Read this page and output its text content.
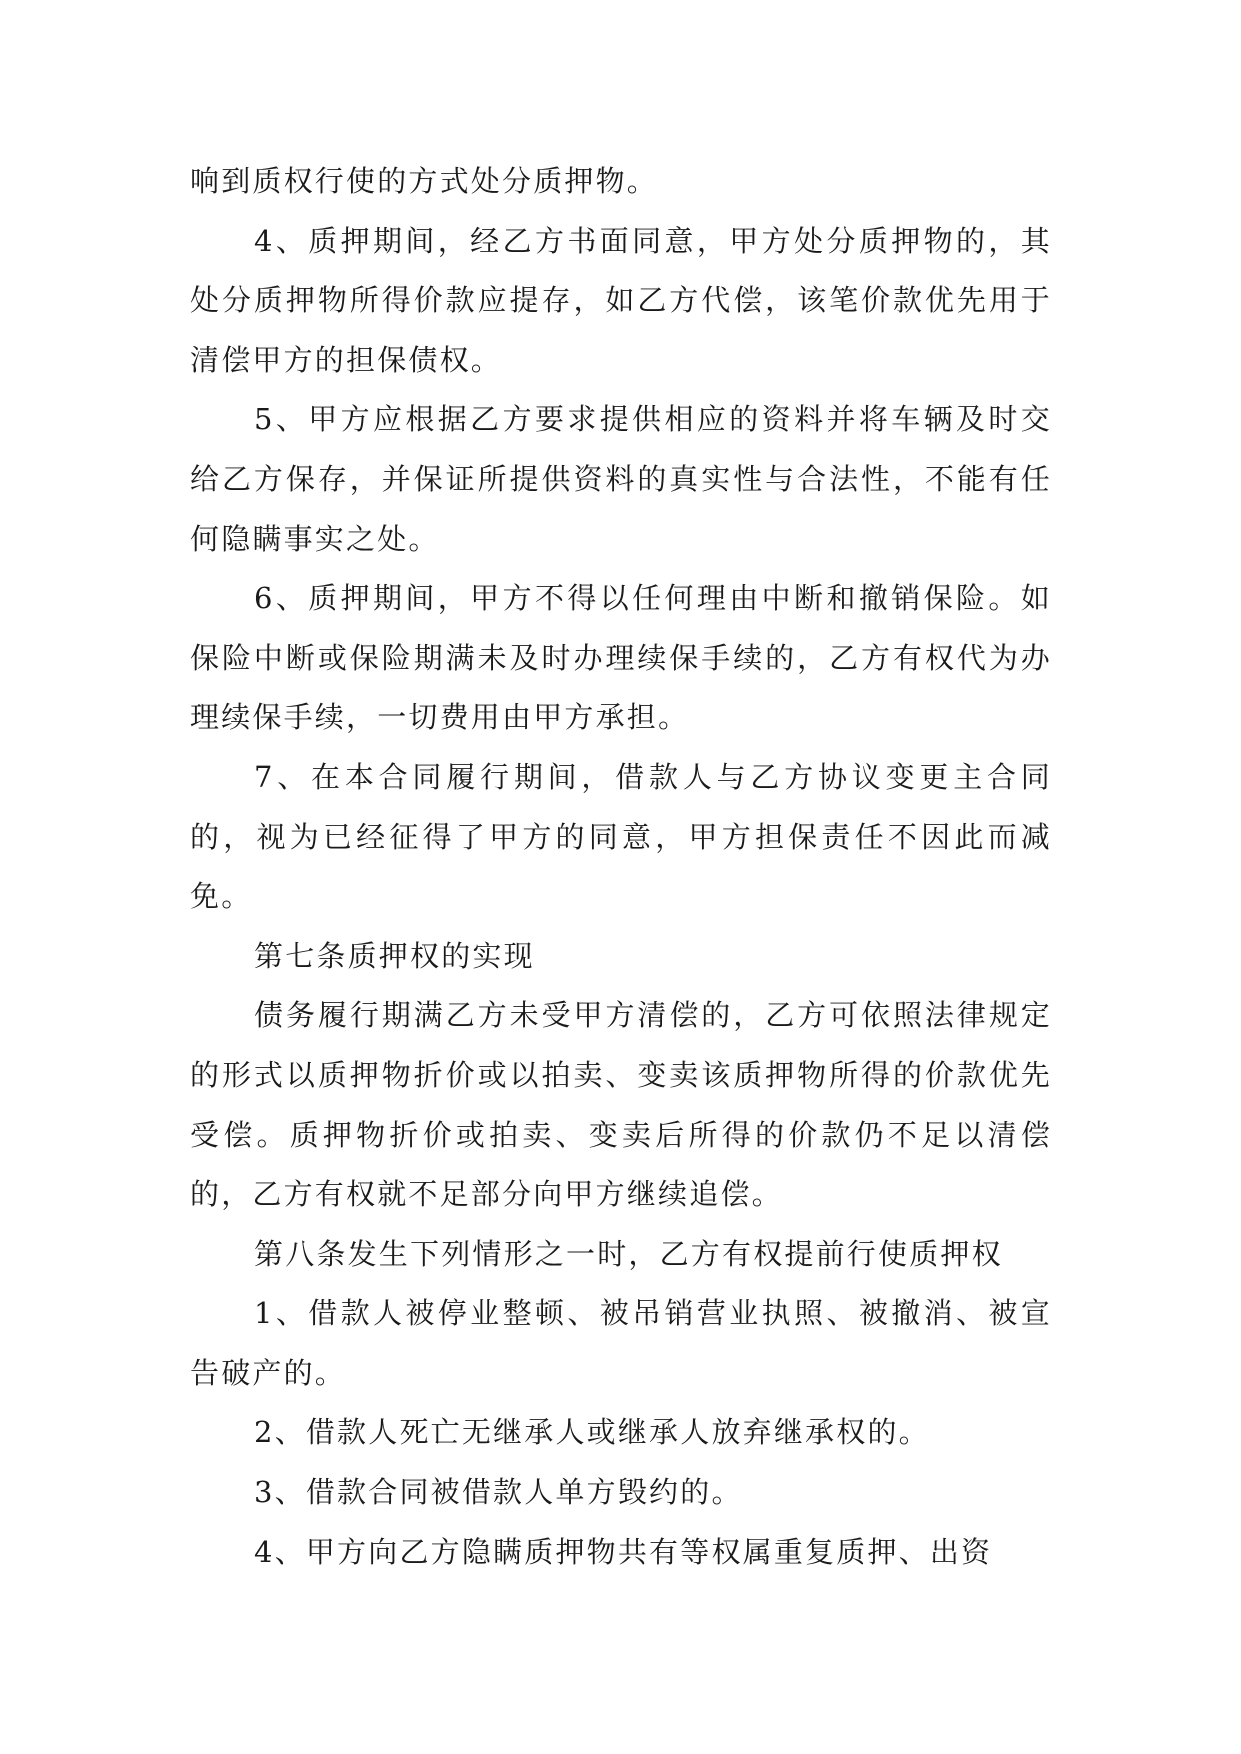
响到质权行使的方式处分质押物。

4、质押期间，经乙方书面同意，甲方处分质押物的，其处分质押物所得价款应提存，如乙方代偿，该笔价款优先用于清偿甲方的担保债权。

5、甲方应根据乙方要求提供相应的资料并将车辆及时交给乙方保存，并保证所提供资料的真实性与合法性，不能有任何隐瞒事实之处。

6、质押期间，甲方不得以任何理由中断和撤销保险。如保险中断或保险期满未及时办理续保手续的，乙方有权代为办理续保手续，一切费用由甲方承担。

7、在本合同履行期间，借款人与乙方协议变更主合同的，视为已经征得了甲方的同意，甲方担保责任不因此而减免。

第七条质押权的实现

债务履行期满乙方未受甲方清偿的，乙方可依照法律规定的形式以质押物折价或以拍卖、变卖该质押物所得的价款优先受偿。质押物折价或拍卖、变卖后所得的价款仍不足以清偿的，乙方有权就不足部分向甲方继续追偿。

第八条发生下列情形之一时，乙方有权提前行使质押权

1、借款人被停业整顿、被吊销营业执照、被撤消、被宣告破产的。

2、借款人死亡无继承人或继承人放弃继承权的。

3、借款合同被借款人单方毁约的。

4、甲方向乙方隐瞒质押物共有等权属重复质押、出资
